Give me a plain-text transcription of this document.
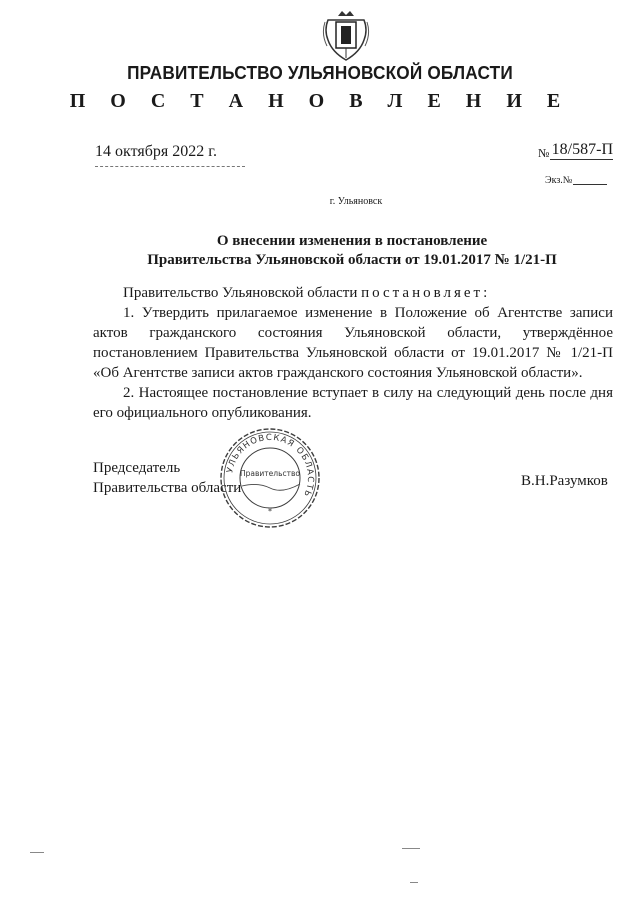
ПРАВИТЕЛЬСТВО УЛЬЯНОВСКОЙ ОБЛАСТИ
П О С Т А Н О В Л Е Н И Е
14 октября 2022 г.	№ 18/587-П
Экз.№
г. Ульяновск
О внесении изменения в постановление
Правительства Ульяновской области от 19.01.2017 № 1/21-П

Правительство Ульяновской области постановляет:

1. Утвердить прилагаемое изменение в Положение об Агентстве записи актов гражданского состояния Ульяновской области, утверждённое постановлением Правительства Ульяновской области от 19.01.2017 № 1/21-П «Об Агентстве записи актов гражданского состояния Ульяновской области».

2. Настоящее постановление вступает в силу на следующий день после дня его официального опубликования.

Председатель
Правительства области	В.Н.Разумков
УЛЬЯНОВСКАЯ ОБЛАСТЬ
Правительство
*
